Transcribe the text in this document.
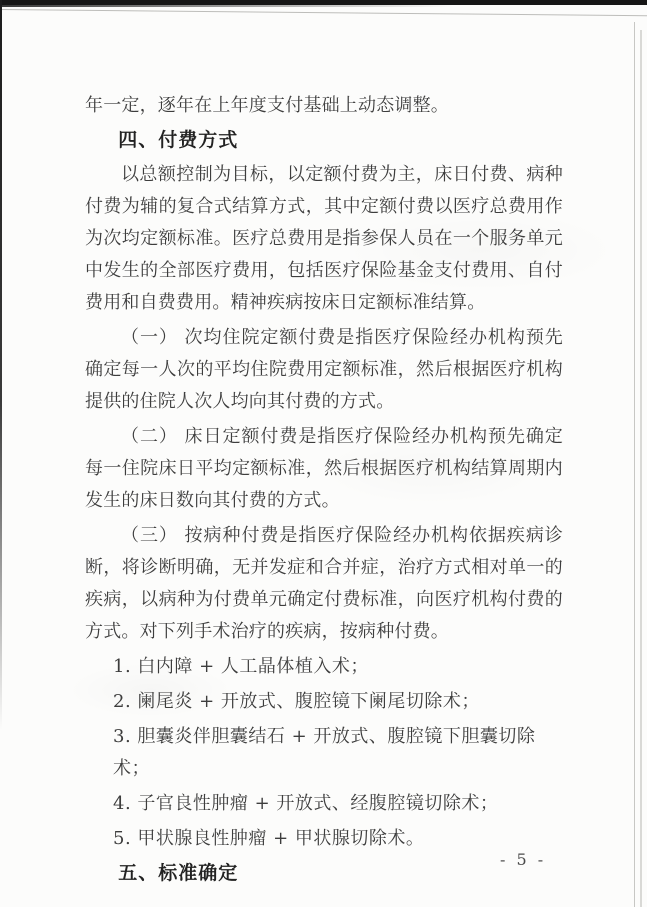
年一定，逐年在上年度支付基础上动态调整。

四、付费方式

以总额控制为目标，以定额付费为主，床日付费、病种付费为辅的复合式结算方式，其中定额付费以医疗总费用作为次均定额标准。医疗总费用是指参保人员在一个服务单元中发生的全部医疗费用，包括医疗保险基金支付费用、自付费用和自费费用。精神疾病按床日定额标准结算。

（一） 次均住院定额付费是指医疗保险经办机构预先确定每一人次的平均住院费用定额标准，然后根据医疗机构提供的住院人次人均向其付费的方式。

（二） 床日定额付费是指医疗保险经办机构预先确定每一住院床日平均定额标准，然后根据医疗机构结算周期内发生的床日数向其付费的方式。

（三） 按病种付费是指医疗保险经办机构依据疾病诊断，将诊断明确，无并发症和合并症，治疗方式相对单一的疾病，以病种为付费单元确定付费标准，向医疗机构付费的方式。对下列手术治疗的疾病，按病种付费。

1. 白内障 + 人工晶体植入术；

2. 阑尾炎 + 开放式、腹腔镜下阑尾切除术；

3. 胆囊炎伴胆囊结石 + 开放式、腹腔镜下胆囊切除术；

4. 子官良性肿瘤 + 开放式、经腹腔镜切除术；

5. 甲状腺良性肿瘤 + 甲状腺切除术。

五、标准确定
- 5 -
